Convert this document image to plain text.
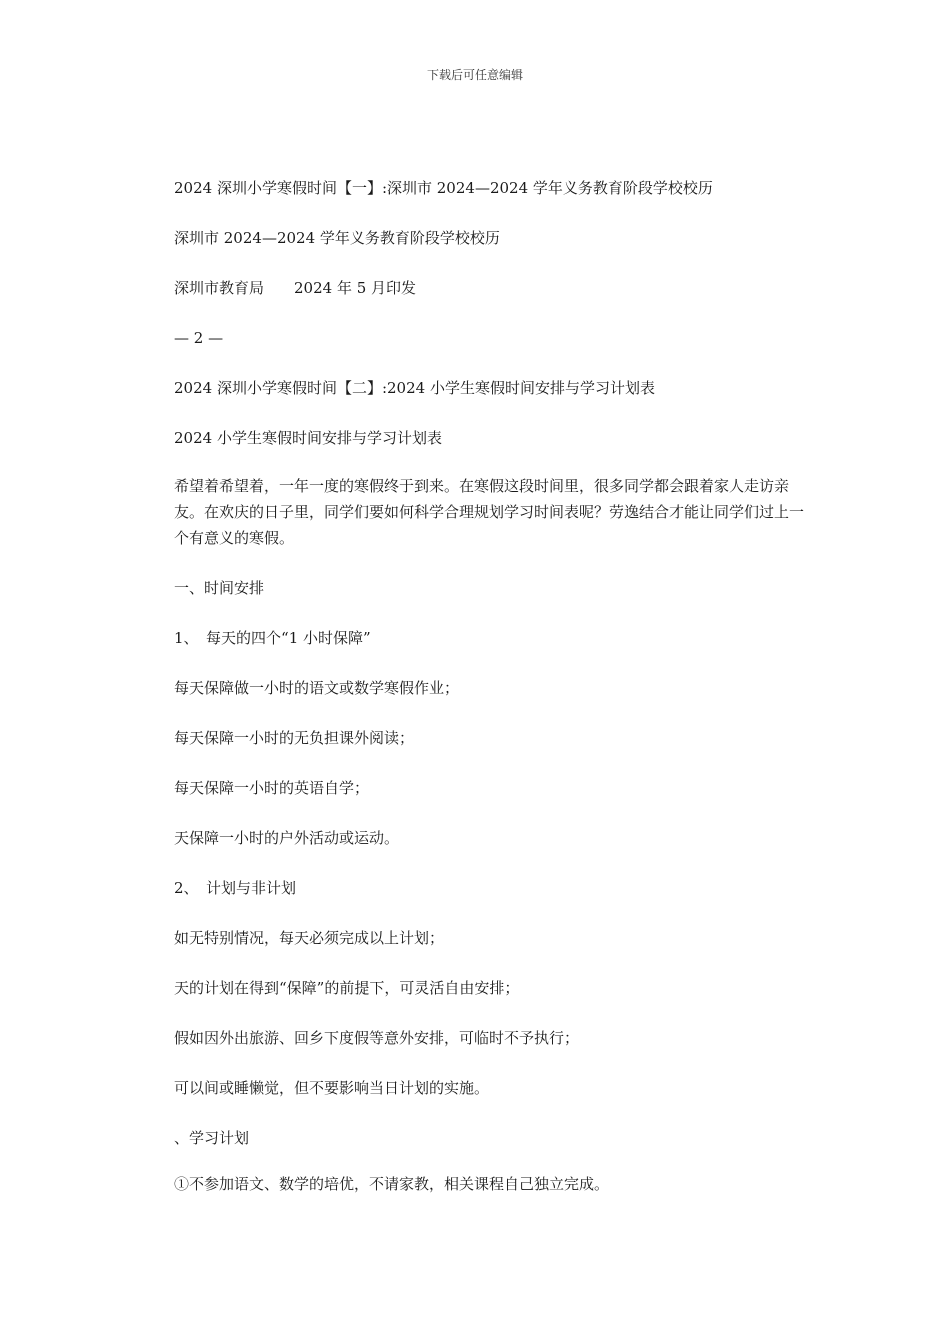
下载后可任意编辑
2024 深圳小学寒假时间【一】:深圳市 2024—2024 学年义务教育阶段学校校历
深圳市 2024—2024 学年义务教育阶段学校校历
深圳市教育局　　2024 年 5 月印发
— 2 —
2024 深圳小学寒假时间【二】:2024 小学生寒假时间安排与学习计划表
2024 小学生寒假时间安排与学习计划表
希望着希望着，一年一度的寒假终于到来。在寒假这段时间里，很多同学都会跟着家人走访亲友。在欢庆的日子里，同学们要如何科学合理规划学习时间表呢？劳逸结合才能让同学们过上一个有意义的寒假。
一、时间安排
1、　每天的四个“1 小时保障”
每天保障做一小时的语文或数学寒假作业；
每天保障一小时的无负担课外阅读；
每天保障一小时的英语自学；
天保障一小时的户外活动或运动。
2、　计划与非计划
如无特别情况，每天必须完成以上计划；
天的计划在得到“保障”的前提下，可灵活自由安排；
假如因外出旅游、回乡下度假等意外安排，可临时不予执行；
可以间或睡懒觉，但不要影响当日计划的实施。
、学习计划
①不参加语文、数学的培优，不请家教，相关课程自己独立完成。
